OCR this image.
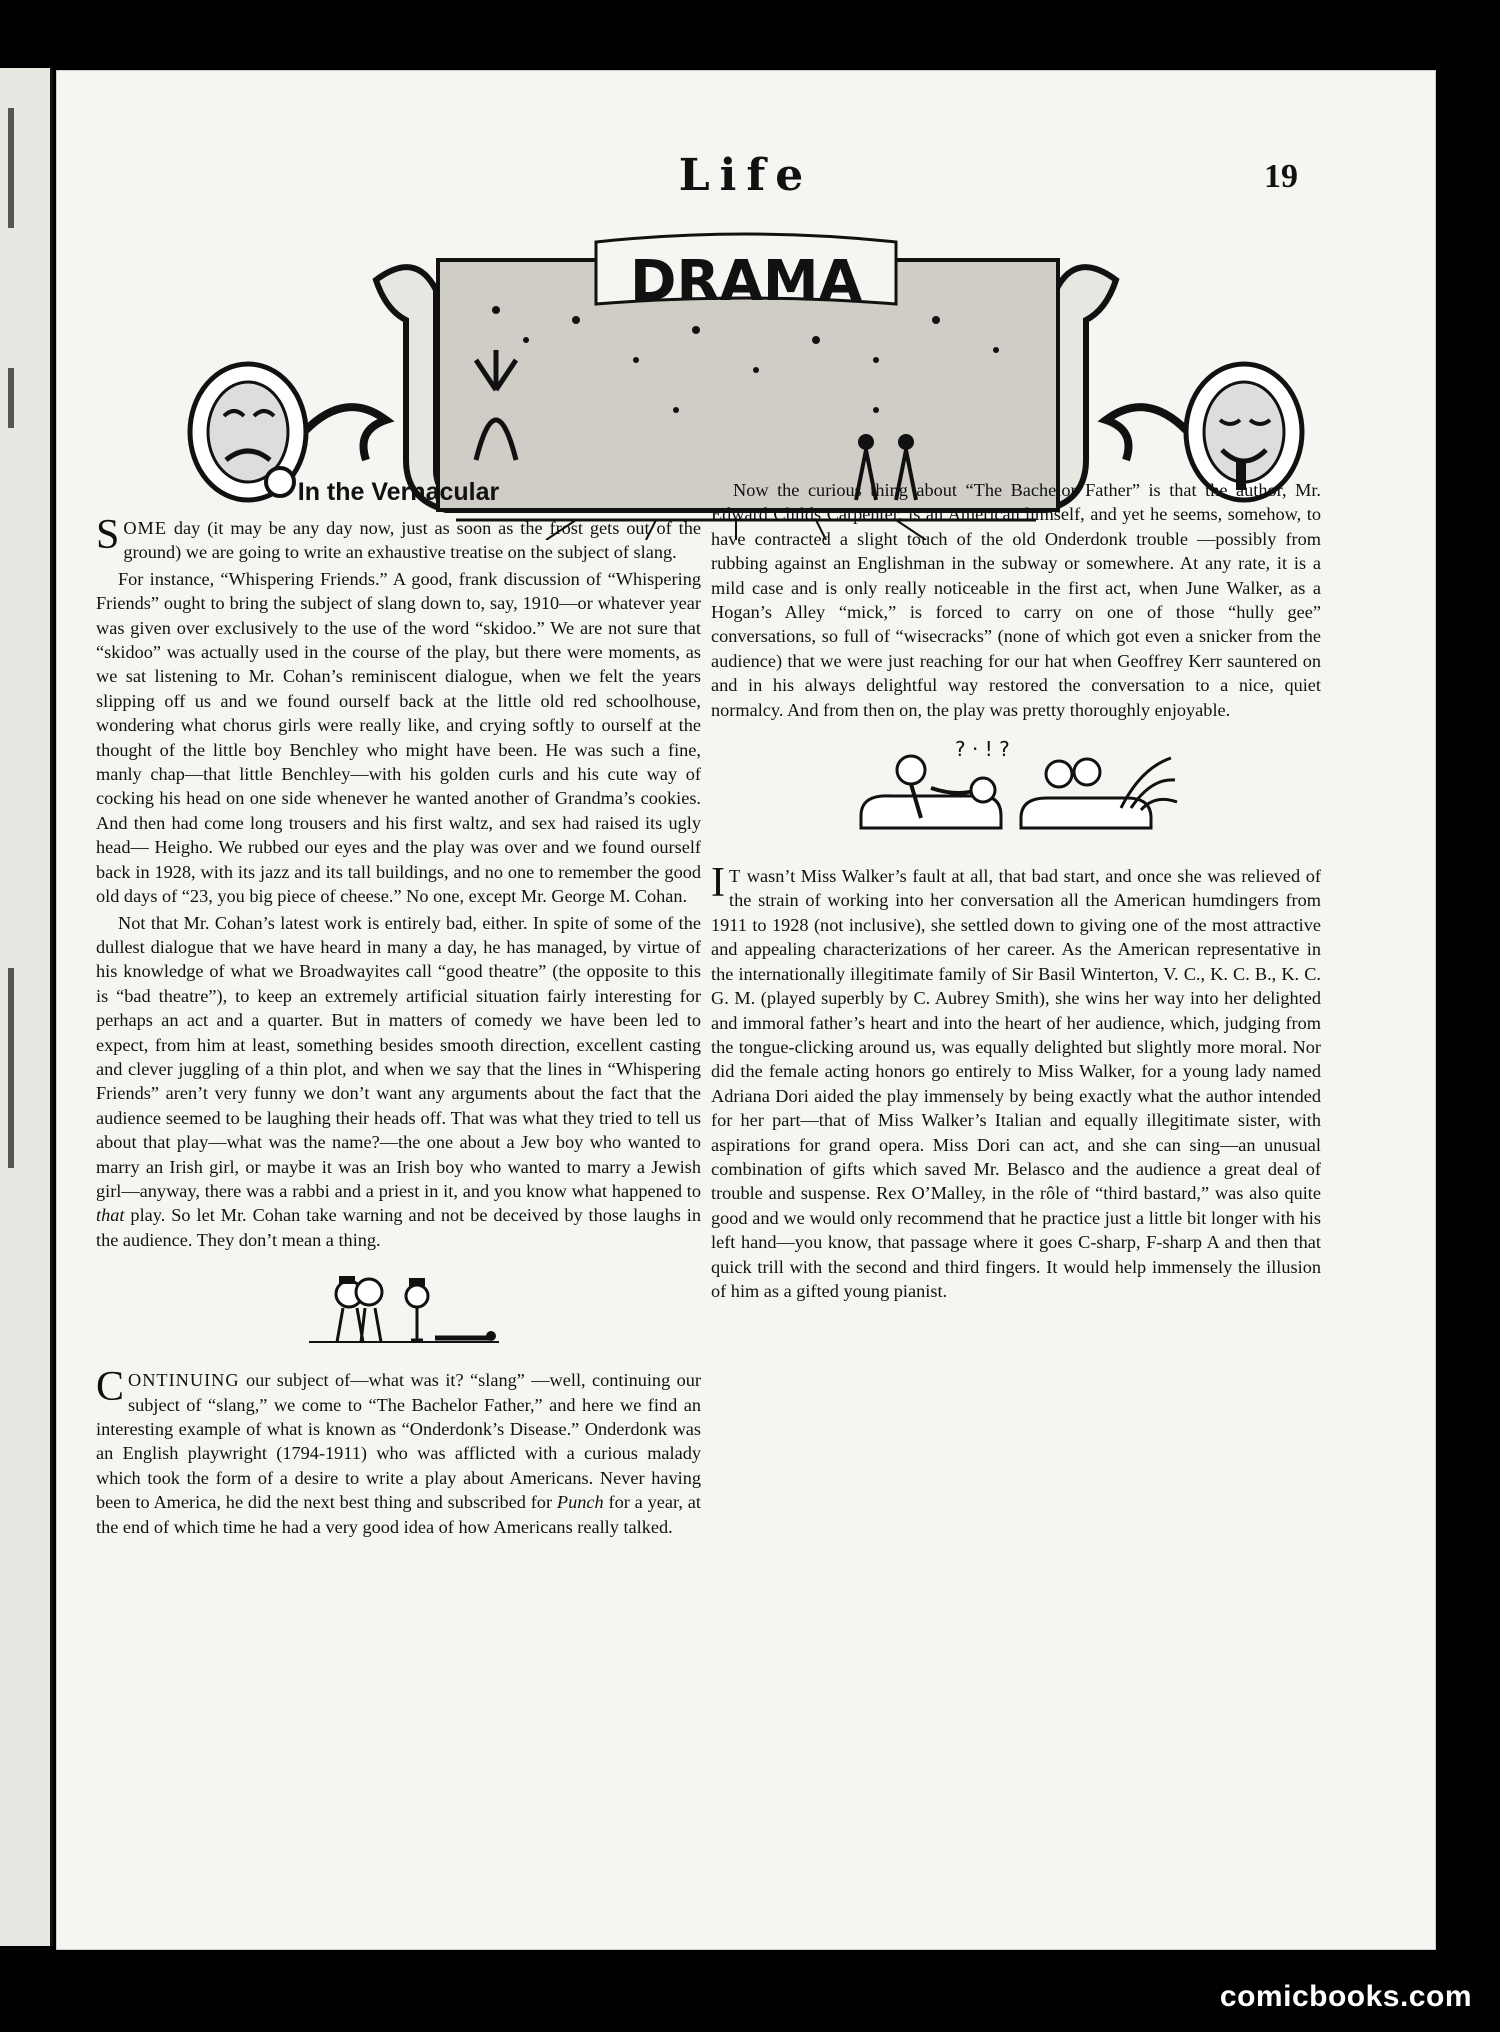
Life	19
DRAMA
In the Vernacular

SOME day (it may be any day now, just as soon as the frost gets out of the ground) we are going to write an exhaustive treatise on the subject of slang.

For instance, “Whispering Friends.” A good, frank discussion of “Whispering Friends” ought to bring the subject of slang down to, say, 1910—or whatever year was given over exclusively to the use of the word “skidoo.” We are not sure that “skidoo” was actually used in the course of the play, but there were moments, as we sat listening to Mr. Cohan’s reminiscent dialogue, when we felt the years slipping off us and we found ourself back at the little old red schoolhouse, wondering what chorus girls were really like, and crying softly to ourself at the thought of the little boy Benchley who might have been. He was such a fine, manly chap—that little Benchley—with his golden curls and his cute way of cocking his head on one side whenever he wanted another of Grandma’s cookies. And then had come long trousers and his first waltz, and sex had raised its ugly head— Heigho. We rubbed our eyes and the play was over and we found ourself back in 1928, with its jazz and its tall buildings, and no one to remember the good old days of “23, you big piece of cheese.” No one, except Mr. George M. Cohan.

Not that Mr. Cohan’s latest work is entirely bad, either. In spite of some of the dullest dialogue that we have heard in many a day, he has managed, by virtue of his knowledge of what we Broadwayites call “good theatre” (the opposite to this is “bad theatre”), to keep an extremely artificial situation fairly interesting for perhaps an act and a quarter. But in matters of comedy we have been led to expect, from him at least, something besides smooth direction, excellent casting and clever juggling of a thin plot, and when we say that the lines in “Whispering Friends” aren’t very funny we don’t want any arguments about the fact that the audience seemed to be laughing their heads off. That was what they tried to tell us about that play—what was the name?—the one about a Jew boy who wanted to marry an Irish girl, or maybe it was an Irish boy who wanted to marry a Jewish girl—anyway, there was a rabbi and a priest in it, and you know what happened to that play. So let Mr. Cohan take warning and not be deceived by those laughs in the audience. They don’t mean a thing.

CONTINUING our subject of—what was it? “slang” —well, continuing our subject of “slang,” we come to “The Bachelor Father,” and here we find an interesting example of what is known as “Onderdonk’s Disease.” Onderdonk was an English playwright (1794-1911) who was afflicted with a curious malady which took the form of a desire to write a play about Americans. Never having been to America, he did the next best thing and subscribed for Punch for a year, at the end of which time he had a very good idea of how Americans really talked.

Now the curious thing about “The Bachelor Father” is that the author, Mr. Edward Childs Carpenter, is an American himself, and yet he seems, somehow, to have contracted a slight touch of the old Onderdonk trouble —possibly from rubbing against an Englishman in the subway or somewhere. At any rate, it is a mild case and is only really noticeable in the first act, when June Walker, as a Hogan’s Alley “mick,” is forced to carry on one of those “hully gee” conversations, so full of “wisecracks” (none of which got even a snicker from the audience) that we were just reaching for our hat when Geoffrey Kerr sauntered on and in his always delightful way restored the conversation to a nice, quiet normalcy. And from then on, the play was pretty thoroughly enjoyable.

? · ! ?

I T wasn’t Miss Walker’s fault at all, that bad start, and once she was relieved of the strain of working into her conversation all the American humdingers from 1911 to 1928 (not inclusive), she settled down to giving one of the most attractive and appealing characterizations of her career. As the American representative in the internationally illegitimate family of Sir Basil Winterton, V. C., K. C. B., K. C. G. M. (played superbly by C. Aubrey Smith), she wins her way into her delighted and immoral father’s heart and into the heart of her audience, which, judging from the tongue-clicking around us, was equally delighted but slightly more moral. Nor did the female acting honors go entirely to Miss Walker, for a young lady named Adriana Dori aided the play immensely by being exactly what the author intended for her part—that of Miss Walker’s Italian and equally illegitimate sister, with aspirations for grand opera. Miss Dori can act, and she can sing—an unusual combination of gifts which saved Mr. Belasco and the audience a great deal of trouble and suspense. Rex O’Malley, in the rôle of “third bastard,” was also quite good and we would only recommend that he practice just a little bit longer with his left hand—you know, that passage where it goes C-sharp, F-sharp A and then that quick trill with the second and third fingers. It would help immensely the illusion of him as a gifted young pianist.

comicbooks.com
